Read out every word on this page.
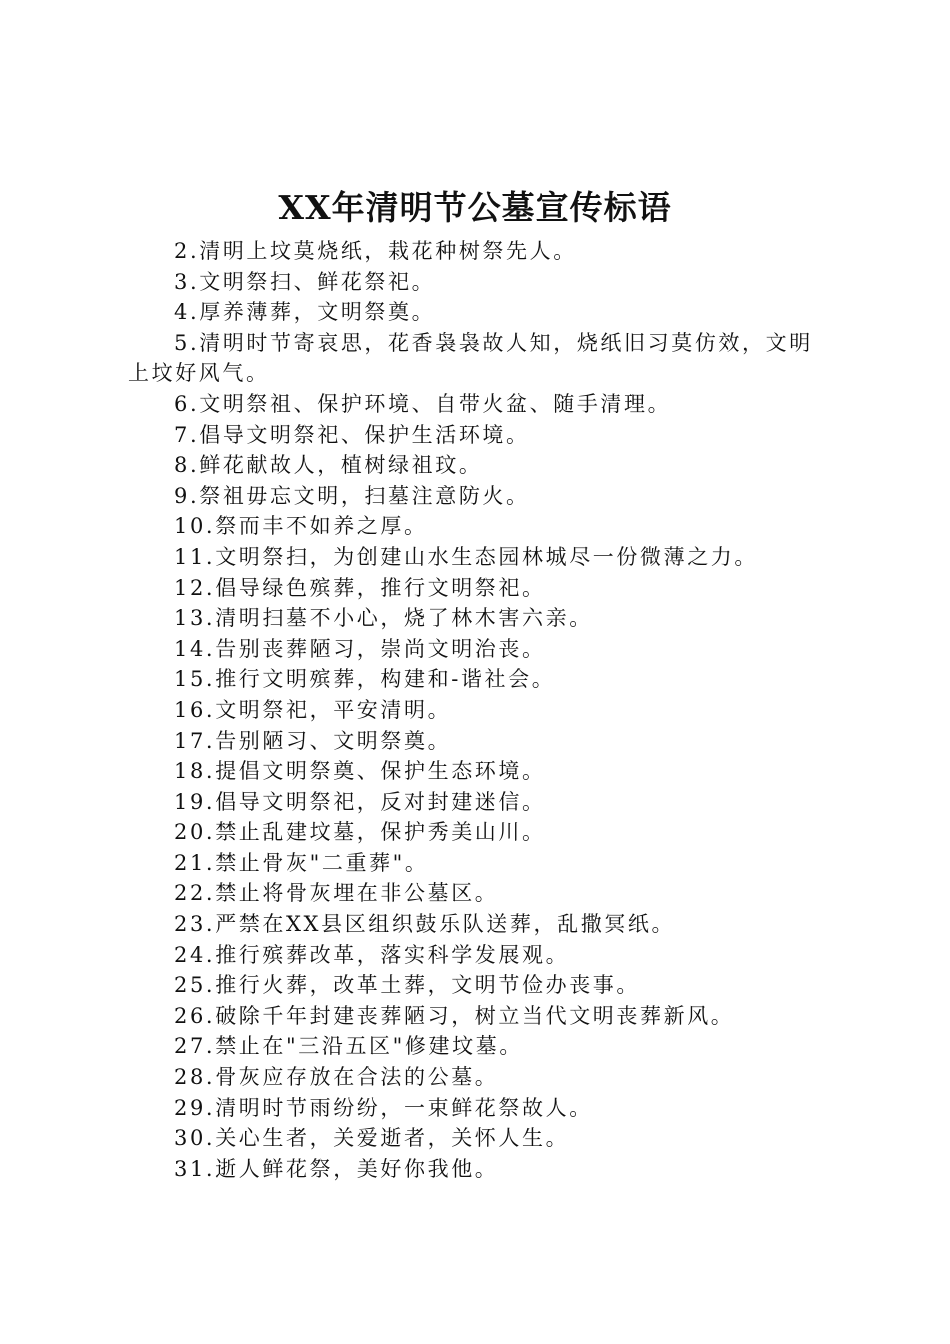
XX年清明节公墓宣传标语
2.清明上坟莫烧纸，栽花种树祭先人。
3.文明祭扫、鲜花祭祀。
4.厚养薄葬，文明祭奠。
5.清明时节寄哀思，花香袅袅故人知，烧纸旧习莫仿效，文明上坟好风气。
6.文明祭祖、保护环境、自带火盆、随手清理。
7.倡导文明祭祀、保护生活环境。
8.鲜花献故人，植树绿祖玟。
9.祭祖毋忘文明，扫墓注意防火。
10.祭而丰不如养之厚。
11.文明祭扫，为创建山水生态园林城尽一份微薄之力。
12.倡导绿色殡葬，推行文明祭祀。
13.清明扫墓不小心，烧了林木害六亲。
14.告别丧葬陋习，崇尚文明治丧。
15.推行文明殡葬，构建和-谐社会。
16.文明祭祀，平安清明。
17.告别陋习、文明祭奠。
18.提倡文明祭奠、保护生态环境。
19.倡导文明祭祀，反对封建迷信。
20.禁止乱建坟墓，保护秀美山川。
21.禁止骨灰"二重葬"。
22.禁止将骨灰埋在非公墓区。
23.严禁在XX县区组织鼓乐队送葬，乱撒冥纸。
24.推行殡葬改革，落实科学发展观。
25.推行火葬，改革土葬，文明节俭办丧事。
26.破除千年封建丧葬陋习，树立当代文明丧葬新风。
27.禁止在"三沿五区"修建坟墓。
28.骨灰应存放在合法的公墓。
29.清明时节雨纷纷，一束鲜花祭故人。
30.关心生者，关爱逝者，关怀人生。
31.逝人鲜花祭，美好你我他。
